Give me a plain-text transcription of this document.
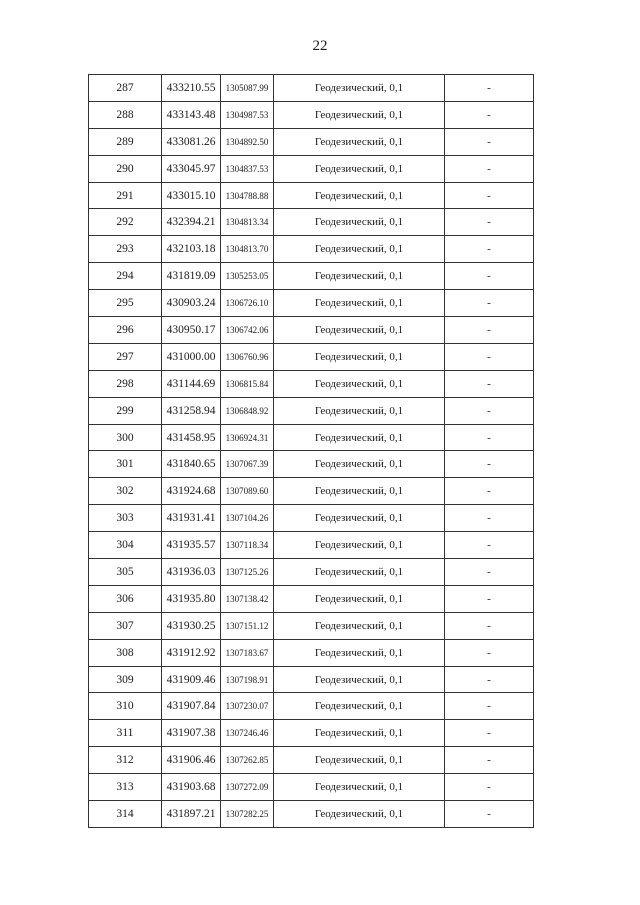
22
287	433210.55	1305087.99	Геодезический, 0,1	-
288	433143.48	1304987.53	Геодезический, 0,1	-
289	433081.26	1304892.50	Геодезический, 0,1	-
290	433045.97	1304837.53	Геодезический, 0,1	-
291	433015.10	1304788.88	Геодезический, 0,1	-
292	432394.21	1304813.34	Геодезический, 0,1	-
293	432103.18	1304813.70	Геодезический, 0,1	-
294	431819.09	1305253.05	Геодезический, 0,1	-
295	430903.24	1306726.10	Геодезический, 0,1	-
296	430950.17	1306742.06	Геодезический, 0,1	-
297	431000.00	1306760.96	Геодезический, 0,1	-
298	431144.69	1306815.84	Геодезический, 0,1	-
299	431258.94	1306848.92	Геодезический, 0,1	-
300	431458.95	1306924.31	Геодезический, 0,1	-
301	431840.65	1307067.39	Геодезический, 0,1	-
302	431924.68	1307089.60	Геодезический, 0,1	-
303	431931.41	1307104.26	Геодезический, 0,1	-
304	431935.57	1307118.34	Геодезический, 0,1	-
305	431936.03	1307125.26	Геодезический, 0,1	-
306	431935.80	1307138.42	Геодезический, 0,1	-
307	431930.25	1307151.12	Геодезический, 0,1	-
308	431912.92	1307183.67	Геодезический, 0,1	-
309	431909.46	1307198.91	Геодезический, 0,1	-
310	431907.84	1307230.07	Геодезический, 0,1	-
311	431907.38	1307246.46	Геодезический, 0,1	-
312	431906.46	1307262.85	Геодезический, 0,1	-
313	431903.68	1307272.09	Геодезический, 0,1	-
314	431897.21	1307282.25	Геодезический, 0,1	-
